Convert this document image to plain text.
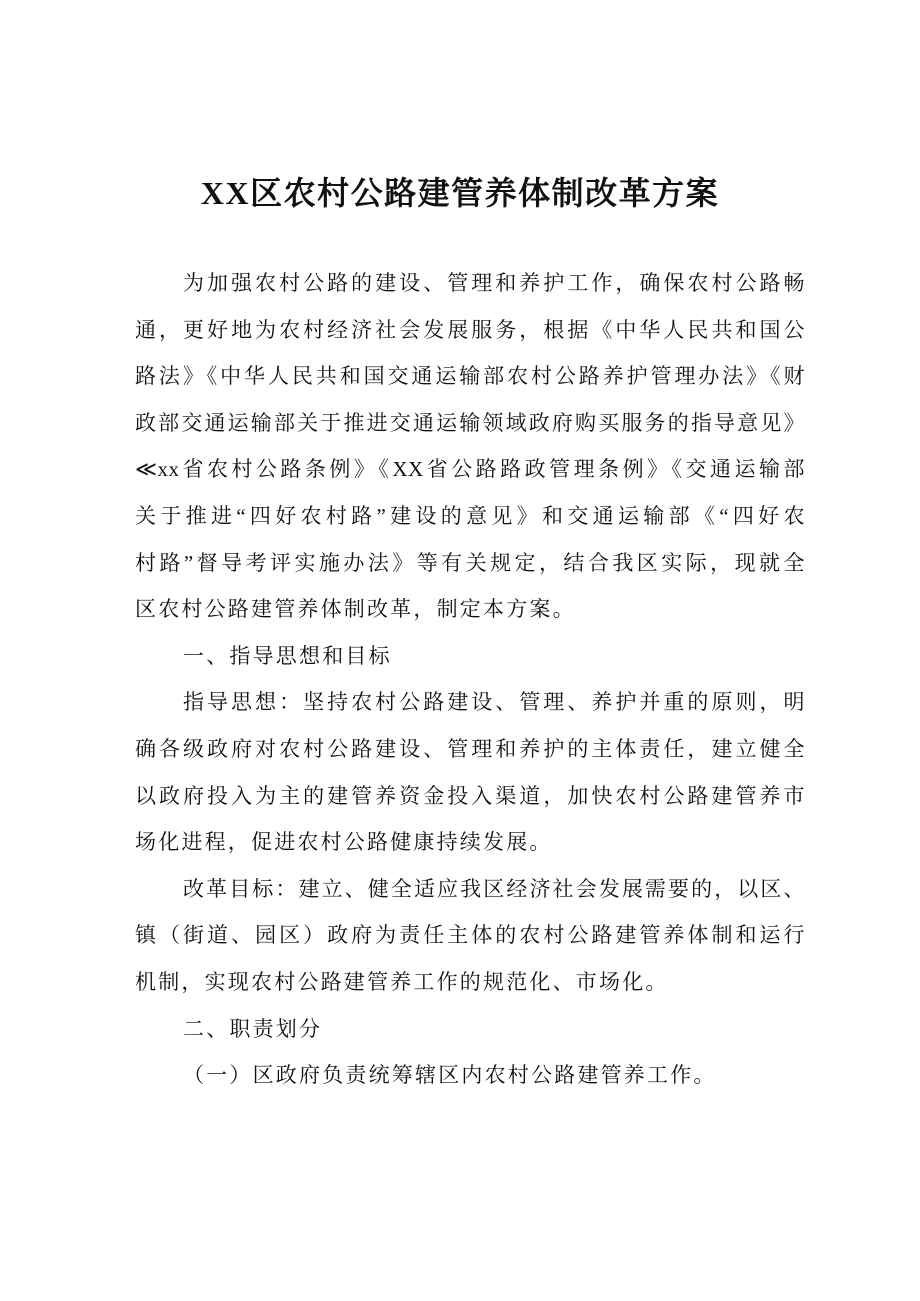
XX区农村公路建管养体制改革方案
为加强农村公路的建设、管理和养护工作，确保农村公路畅
通，更好地为农村经济社会发展服务，根据《中华人民共和国公
路法》《中华人民共和国交通运输部农村公路养护管理办法》《财
政部交通运输部关于推进交通运输领域政府购买服务的指导意见》
≪xx省农村公路条例》《XX省公路路政管理条例》《交通运输部
关于推进“四好农村路”建设的意见》和交通运输部《“四好农
村路”督导考评实施办法》等有关规定，结合我区实际，现就全
区农村公路建管养体制改革，制定本方案。
一、指导思想和目标
指导思想：坚持农村公路建设、管理、养护并重的原则，明
确各级政府对农村公路建设、管理和养护的主体责任，建立健全
以政府投入为主的建管养资金投入渠道，加快农村公路建管养市
场化进程，促进农村公路健康持续发展。
改革目标：建立、健全适应我区经济社会发展需要的，以区、
镇（街道、园区）政府为责任主体的农村公路建管养体制和运行
机制，实现农村公路建管养工作的规范化、市场化。
二、职责划分
（一）区政府负责统筹辖区内农村公路建管养工作。
